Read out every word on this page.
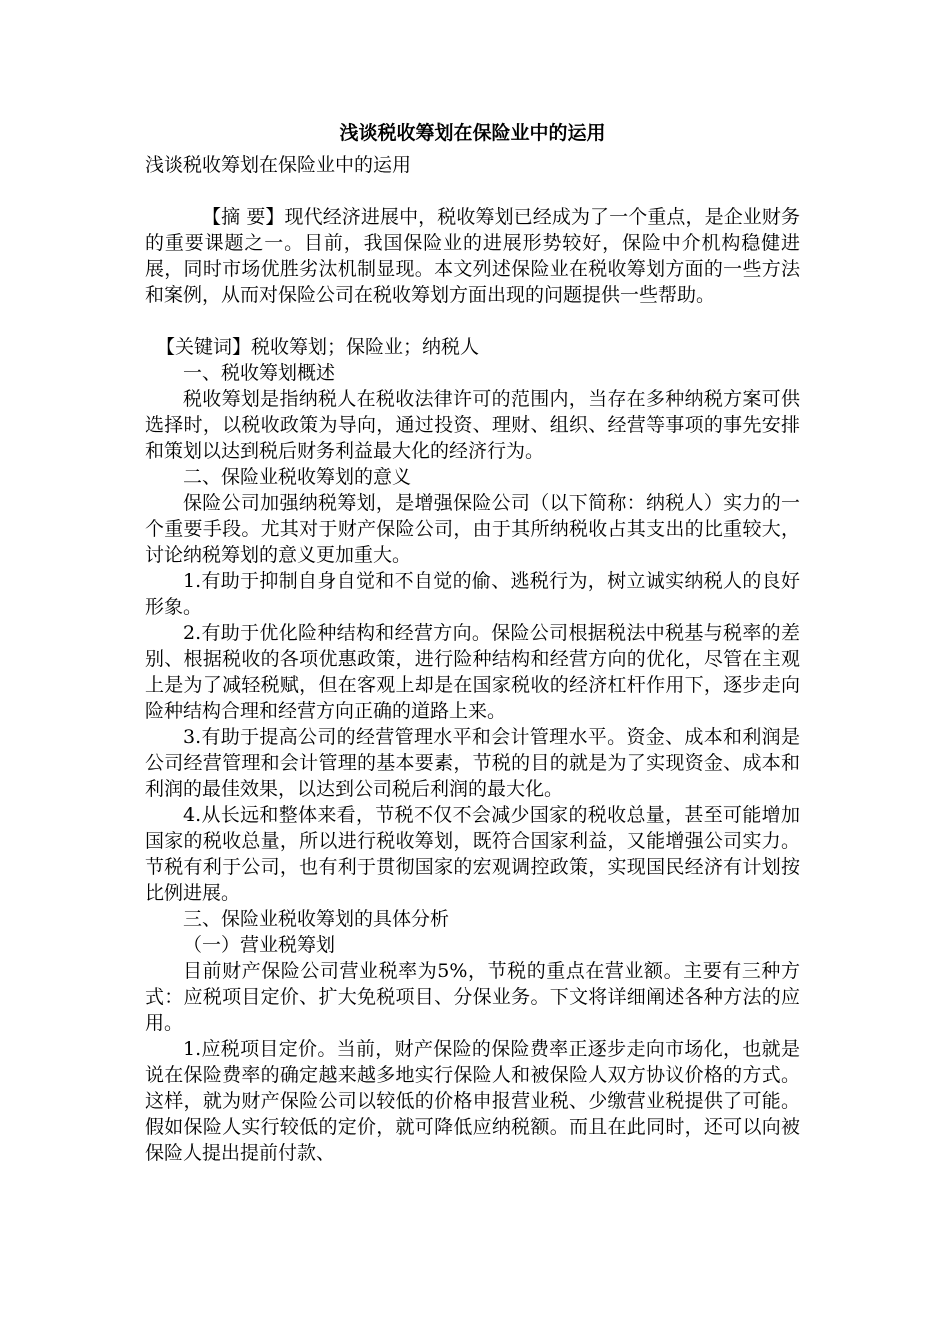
浅谈税收筹划在保险业中的运用

浅谈税收筹划在保险业中的运用

【摘 要】现代经济进展中，税收筹划已经成为了一个重点，是企业财务的重要课题之一。目前，我国保险业的进展形势较好，保险中介机构稳健进展，同时市场优胜劣汰机制显现。本文列述保险业在税收筹划方面的一些方法和案例，从而对保险公司在税收筹划方面出现的问题提供一些帮助。

【关键词】税收筹划；保险业；纳税人

一、税收筹划概述

税收筹划是指纳税人在税收法律许可的范围内，当存在多种纳税方案可供选择时，以税收政策为导向，通过投资、理财、组织、经营等事项的事先安排和策划以达到税后财务利益最大化的经济行为。

二、保险业税收筹划的意义

保险公司加强纳税筹划，是增强保险公司（以下简称：纳税人）实力的一个重要手段。尤其对于财产保险公司，由于其所纳税收占其支出的比重较大，讨论纳税筹划的意义更加重大。

1.有助于抑制自身自觉和不自觉的偷、逃税行为，树立诚实纳税人的良好形象。

2.有助于优化险种结构和经营方向。保险公司根据税法中税基与税率的差别、根据税收的各项优惠政策，进行险种结构和经营方向的优化，尽管在主观上是为了减轻税赋，但在客观上却是在国家税收的经济杠杆作用下，逐步走向险种结构合理和经营方向正确的道路上来。

3.有助于提高公司的经营管理水平和会计管理水平。资金、成本和利润是公司经营管理和会计管理的基本要素，节税的目的就是为了实现资金、成本和利润的最佳效果，以达到公司税后利润的最大化。

4.从长远和整体来看，节税不仅不会减少国家的税收总量，甚至可能增加国家的税收总量，所以进行税收筹划，既符合国家利益，又能增强公司实力。节税有利于公司，也有利于贯彻国家的宏观调控政策，实现国民经济有计划按比例进展。

三、保险业税收筹划的具体分析

（一）营业税筹划

目前财产保险公司营业税率为5%，节税的重点在营业额。主要有三种方式：应税项目定价、扩大免税项目、分保业务。下文将详细阐述各种方法的应用。

1.应税项目定价。当前，财产保险的保险费率正逐步走向市场化，也就是说在保险费率的确定越来越多地实行保险人和被保险人双方协议价格的方式。这样，就为财产保险公司以较低的价格申报营业税、少缴营业税提供了可能。假如保险人实行较低的定价，就可降低应纳税额。而且在此同时，还可以向被保险人提出提前付款、
